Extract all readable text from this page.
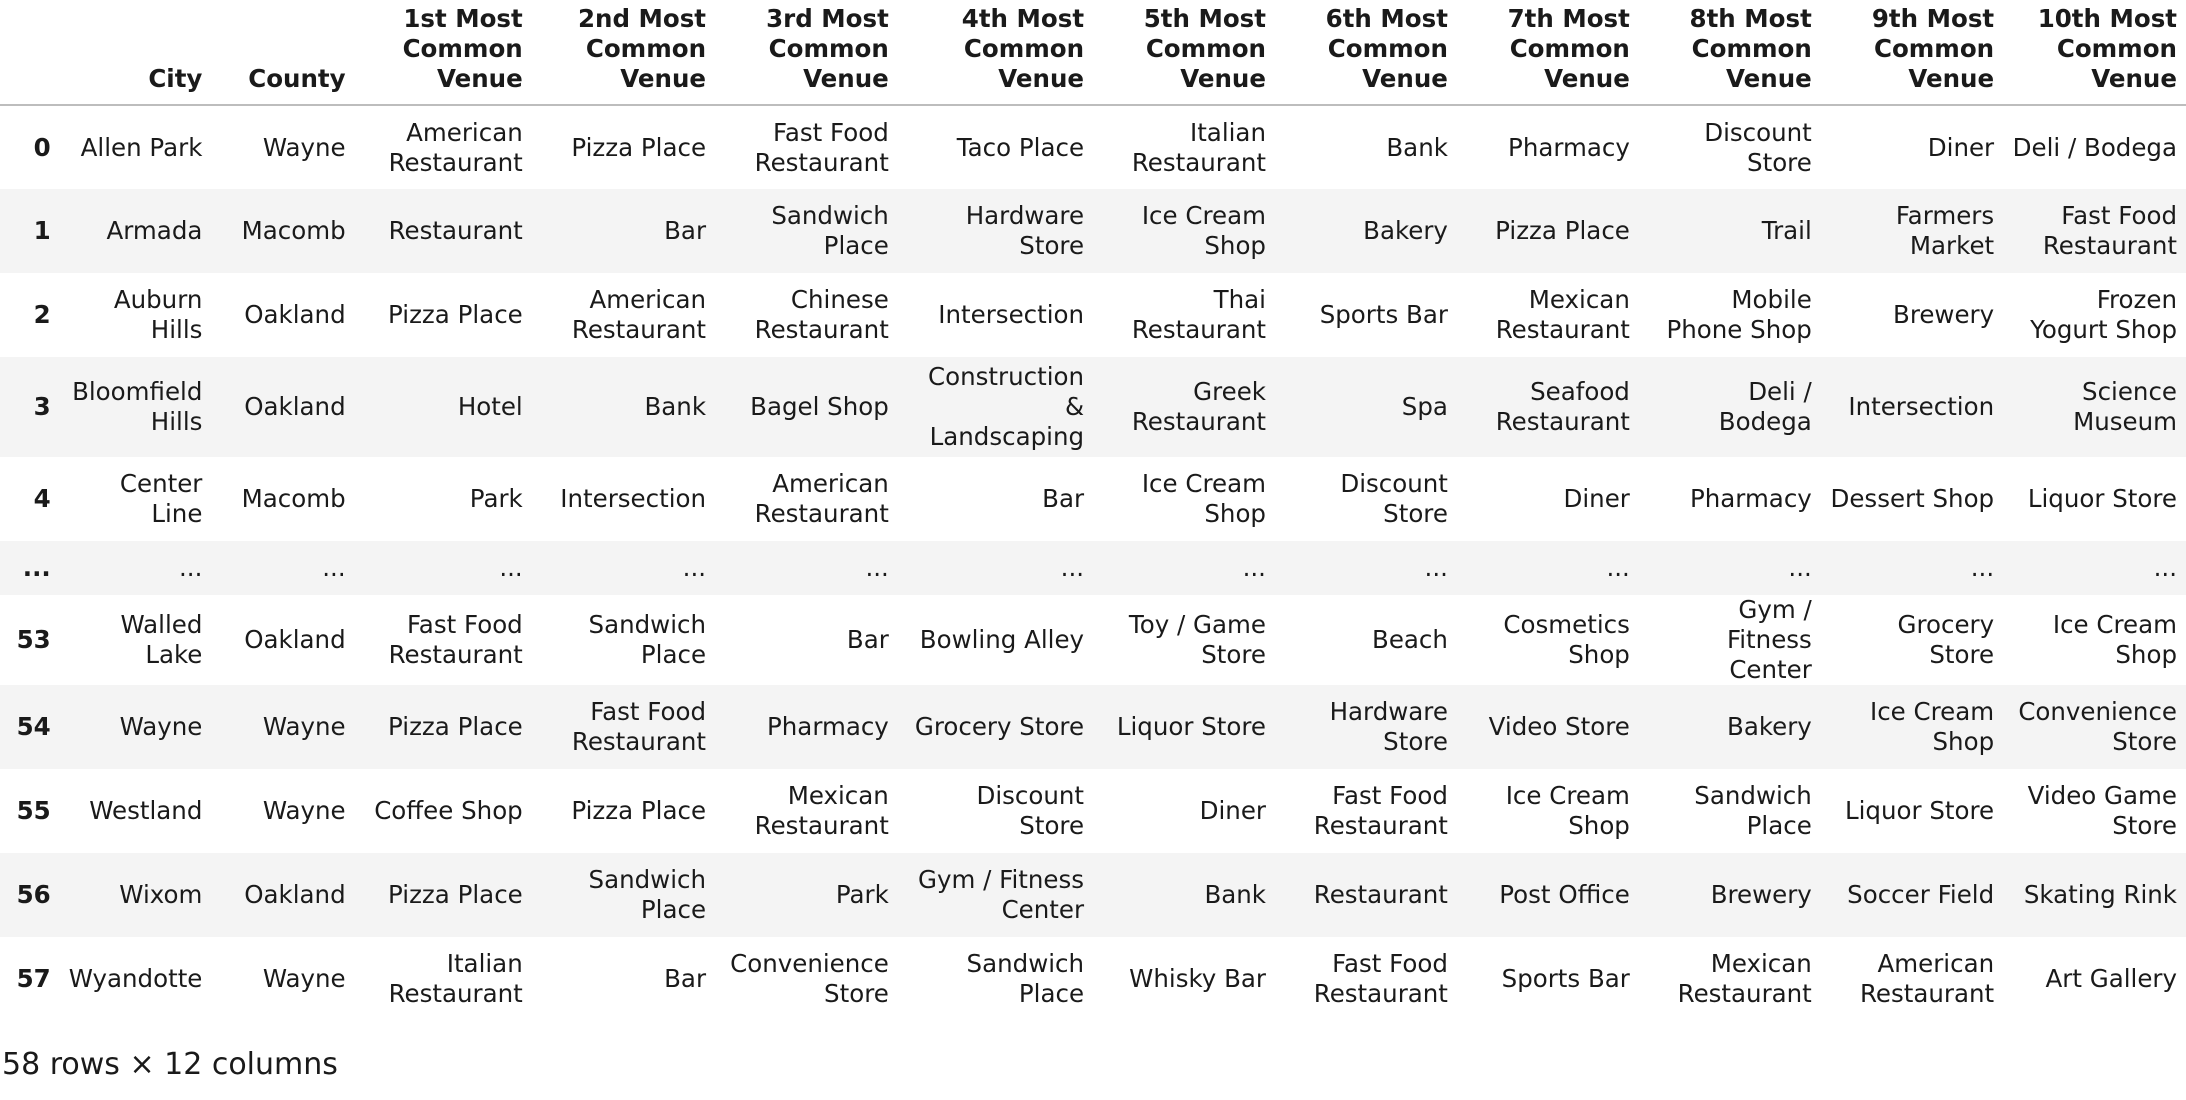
	City	County	1st Most Common Venue	2nd Most Common Venue	3rd Most Common Venue	4th Most Common Venue	5th Most Common Venue	6th Most Common Venue	7th Most Common Venue	8th Most Common Venue	9th Most Common Venue	10th Most Common Venue
0	Allen Park	Wayne	American Restaurant	Pizza Place	Fast Food Restaurant	Taco Place	Italian Restaurant	Bank	Pharmacy	Discount Store	Diner	Deli / Bodega
1	Armada	Macomb	Restaurant	Bar	Sandwich Place	Hardware Store	Ice Cream Shop	Bakery	Pizza Place	Trail	Farmers Market	Fast Food Restaurant
2	Auburn Hills	Oakland	Pizza Place	American Restaurant	Chinese Restaurant	Intersection	Thai Restaurant	Sports Bar	Mexican Restaurant	Mobile Phone Shop	Brewery	Frozen Yogurt Shop
3	Bloomfield Hills	Oakland	Hotel	Bank	Bagel Shop	Construction & Landscaping	Greek Restaurant	Spa	Seafood Restaurant	Deli / Bodega	Intersection	Science Museum
4	Center Line	Macomb	Park	Intersection	American Restaurant	Bar	Ice Cream Shop	Discount Store	Diner	Pharmacy	Dessert Shop	Liquor Store
...	...	...	...	...	...	...	...	...	...	...	...	...
53	Walled Lake	Oakland	Fast Food Restaurant	Sandwich Place	Bar	Bowling Alley	Toy / Game Store	Beach	Cosmetics Shop	Gym / Fitness Center	Grocery Store	Ice Cream Shop
54	Wayne	Wayne	Pizza Place	Fast Food Restaurant	Pharmacy	Grocery Store	Liquor Store	Hardware Store	Video Store	Bakery	Ice Cream Shop	Convenience Store
55	Westland	Wayne	Coffee Shop	Pizza Place	Mexican Restaurant	Discount Store	Diner	Fast Food Restaurant	Ice Cream Shop	Sandwich Place	Liquor Store	Video Game Store
56	Wixom	Oakland	Pizza Place	Sandwich Place	Park	Gym / Fitness Center	Bank	Restaurant	Post Office	Brewery	Soccer Field	Skating Rink
57	Wyandotte	Wayne	Italian Restaurant	Bar	Convenience Store	Sandwich Place	Whisky Bar	Fast Food Restaurant	Sports Bar	Mexican Restaurant	American Restaurant	Art Gallery
58 rows × 12 columns
